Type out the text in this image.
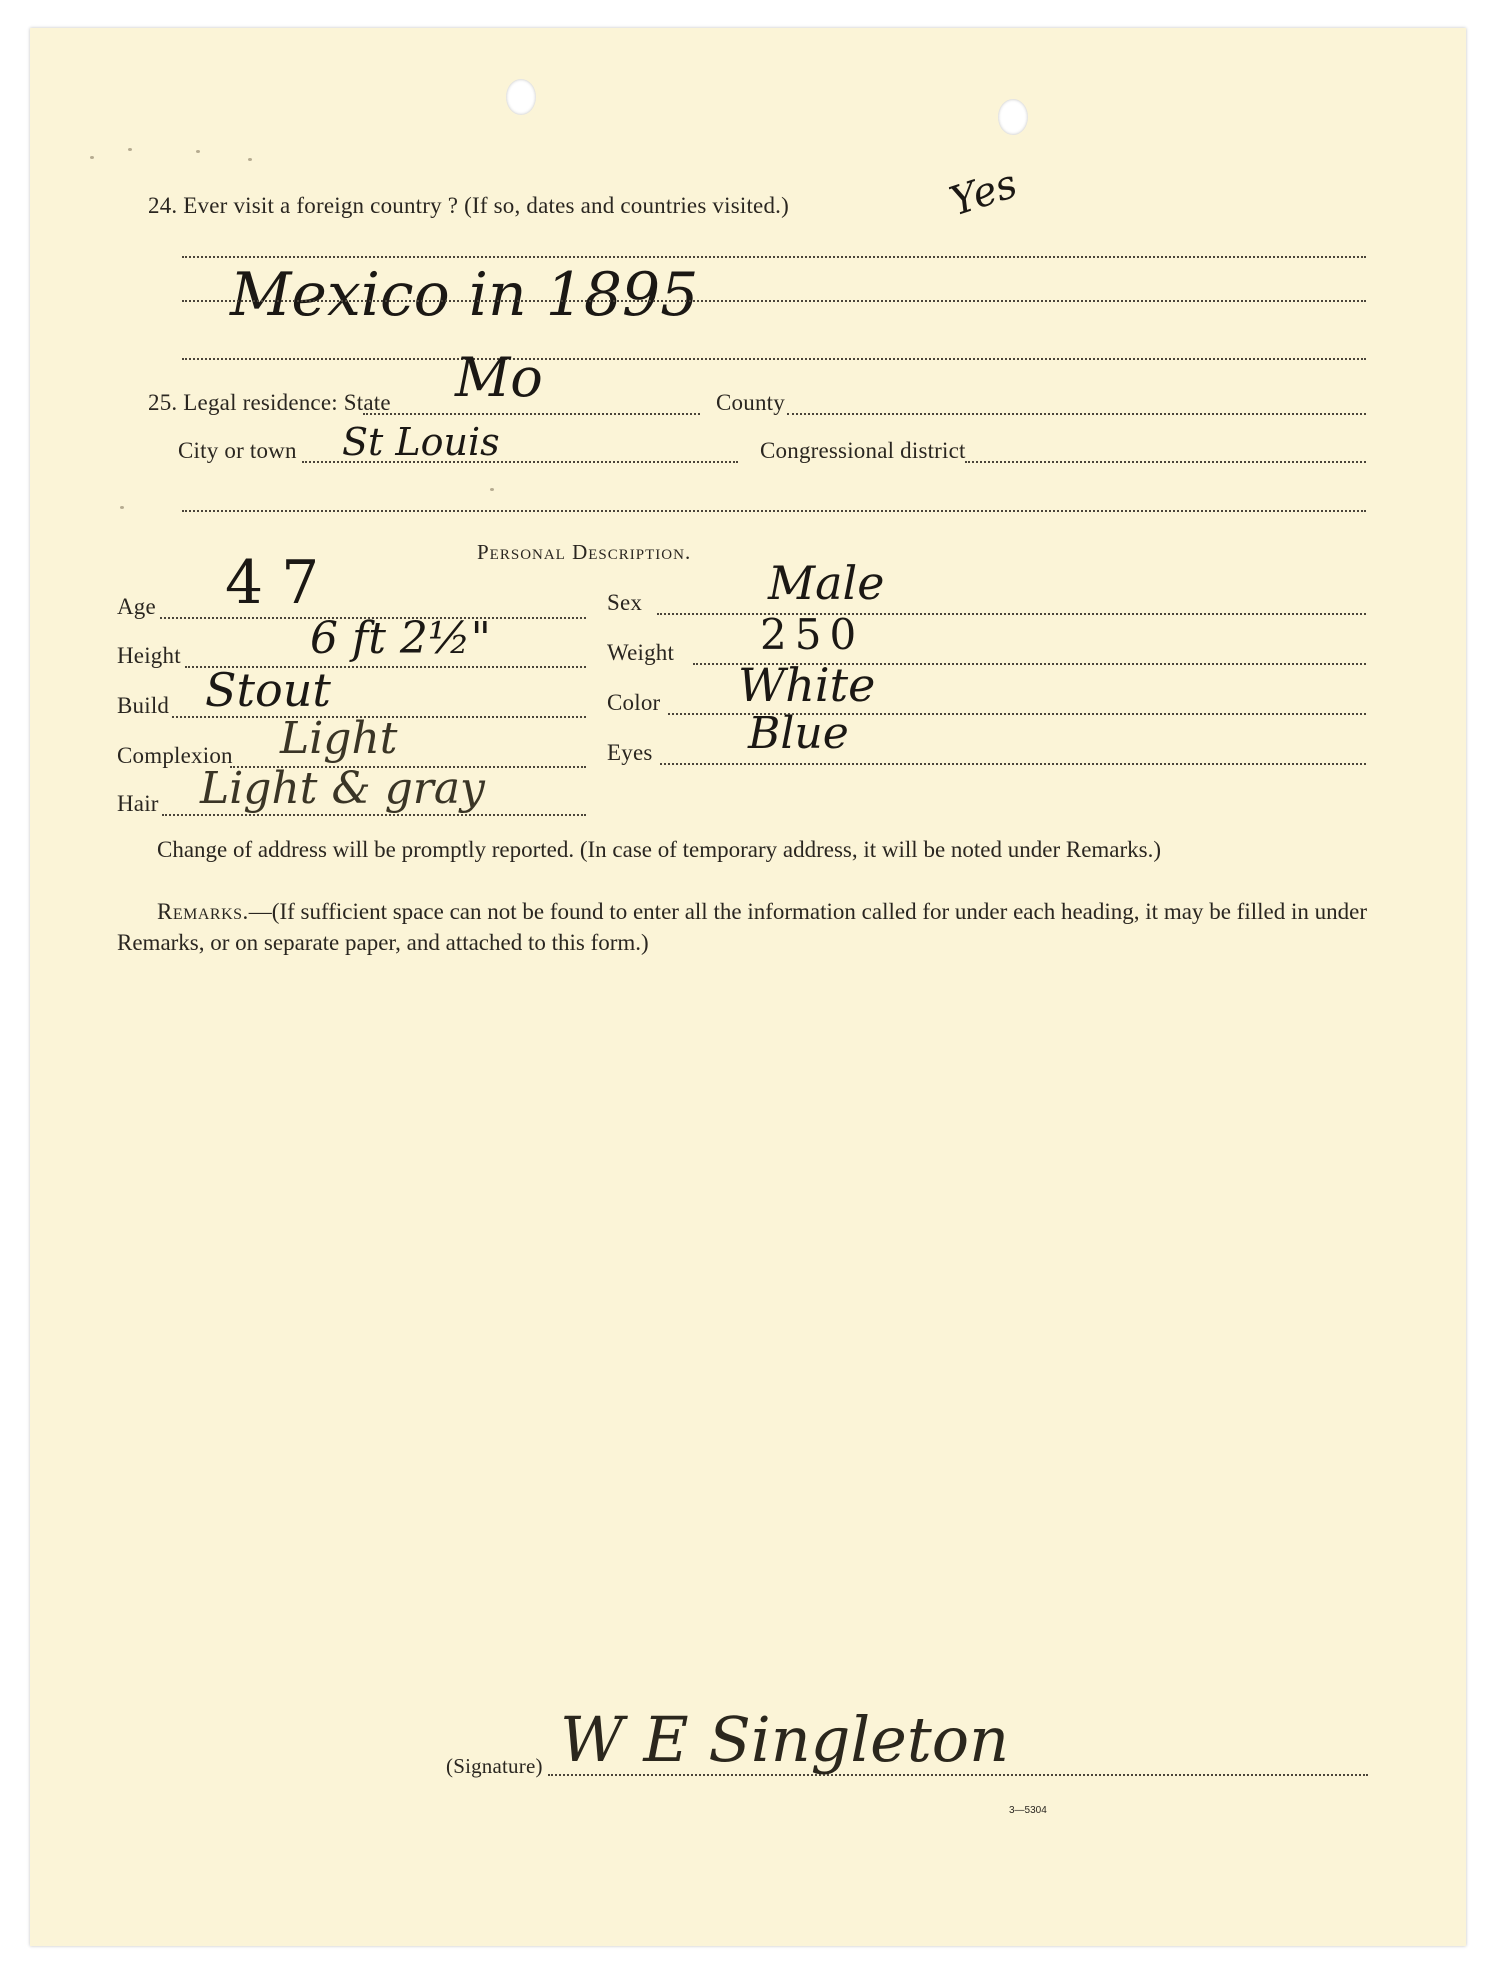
24. Ever visit a foreign country ? (If so, dates and countries visited.)	Yes
Mexico in 1895
25. Legal residence: State Mo	County
City or town St Louis	Congressional district
Personal Description.
Age 47	Sex	Male
Height	6 ft 2½"	Weight 250
Build Stout	Color White
Complexion Light	Eyes Blue
Hair Light & gray
Change of address will be promptly reported. (In case of temporary address, it will be noted under Remarks.)
Remarks.—(If sufficient space can not be found to enter all the information called for under each heading, it may be filled in under Remarks, or on separate paper, and attached to this form.)
(Signature) W E Singleton
3—5304
